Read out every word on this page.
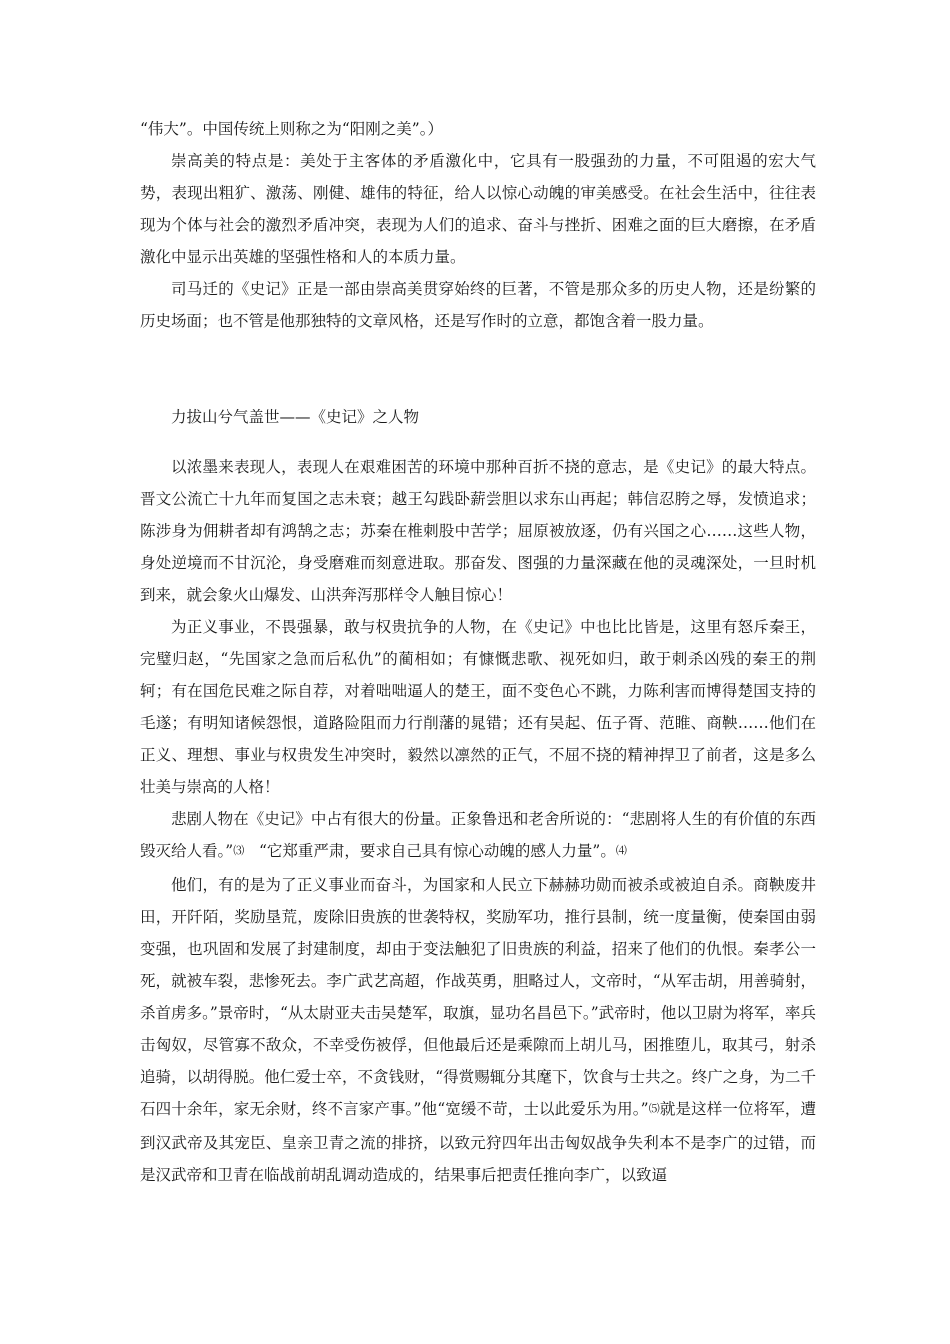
“伟大”。中国传统上则称之为“阳刚之美”。）

崇高美的特点是：美处于主客体的矛盾激化中，它具有一股强劲的力量，不可阻遏的宏大气势，表现出粗犷、激荡、刚健、雄伟的特征，给人以惊心动魄的审美感受。在社会生活中，往往表现为个体与社会的激烈矛盾冲突，表现为人们的追求、奋斗与挫折、困难之面的巨大磨擦，在矛盾激化中显示出英雄的坚强性格和人的本质力量。

司马迁的《史记》正是一部由崇高美贯穿始终的巨著，不管是那众多的历史人物，还是纷繁的历史场面；也不管是他那独特的文章风格，还是写作时的立意，都饱含着一股力量。

力拔山兮气盖世——《史记》之人物

以浓墨来表现人，表现人在艰难困苦的环境中那种百折不挠的意志，是《史记》的最大特点。晋文公流亡十九年而复国之志未衰；越王勾践卧薪尝胆以求东山再起；韩信忍胯之辱，发愤追求；陈涉身为佣耕者却有鸿鹄之志；苏秦在椎刺股中苦学；屈原被放逐，仍有兴国之心……这些人物，身处逆境而不甘沉沦，身受磨难而刻意进取。那奋发、图强的力量深藏在他的灵魂深处，一旦时机到来，就会象火山爆发、山洪奔泻那样令人触目惊心！

为正义事业，不畏强暴，敢与权贵抗争的人物，在《史记》中也比比皆是，这里有怒斥秦王，完璧归赵，“先国家之急而后私仇”的蔺相如；有慷慨悲歌、视死如归，敢于刺杀凶残的秦王的荆轲；有在国危民难之际自荐，对着咄咄逼人的楚王，面不变色心不跳，力陈利害而博得楚国支持的毛遂；有明知诸候怨恨，道路险阻而力行削藩的晁错；还有吴起、伍子胥、范睢、商鞅……他们在正义、理想、事业与权贵发生冲突时，毅然以凛然的正气，不屈不挠的精神捍卫了前者，这是多么壮美与崇高的人格！

悲剧人物在《史记》中占有很大的份量。正象鲁迅和老舍所说的：“悲剧将人生的有价值的东西毁灭给人看。”⑶   “它郑重严肃，要求自己具有惊心动魄的感人力量”。⑷

他们，有的是为了正义事业而奋斗，为国家和人民立下赫赫功勋而被杀或被迫自杀。商鞅废井田，开阡陌，奖励垦荒，废除旧贵族的世袭特权，奖励军功，推行县制，统一度量衡，使秦国由弱变强，也巩固和发展了封建制度，却由于变法触犯了旧贵族的利益，招来了他们的仇恨。秦孝公一死，就被车裂，悲惨死去。李广武艺高超，作战英勇，胆略过人，文帝时，“从军击胡，用善骑射，杀首虏多。”景帝时，“从太尉亚夫击吴楚军，取旗，显功名昌邑下。”武帝时，他以卫尉为将军，率兵击匈奴，尽管寡不敌众，不幸受伤被俘，但他最后还是乘隙而上胡儿马，困推堕儿，取其弓，射杀追骑，以胡得脱。他仁爱士卒，不贪钱财，“得赏赐辄分其麾下，饮食与士共之。终广之身，为二千石四十余年，家无余财，终不言家产事。”他“宽缓不苛，士以此爱乐为用。”⑸就是这样一位将军，遭到汉武帝及其宠臣、皇亲卫青之流的排挤，以致元狩四年出击匈奴战争失利本不是李广的过错，而是汉武帝和卫青在临战前胡乱调动造成的，结果事后把责任推向李广，以致逼
